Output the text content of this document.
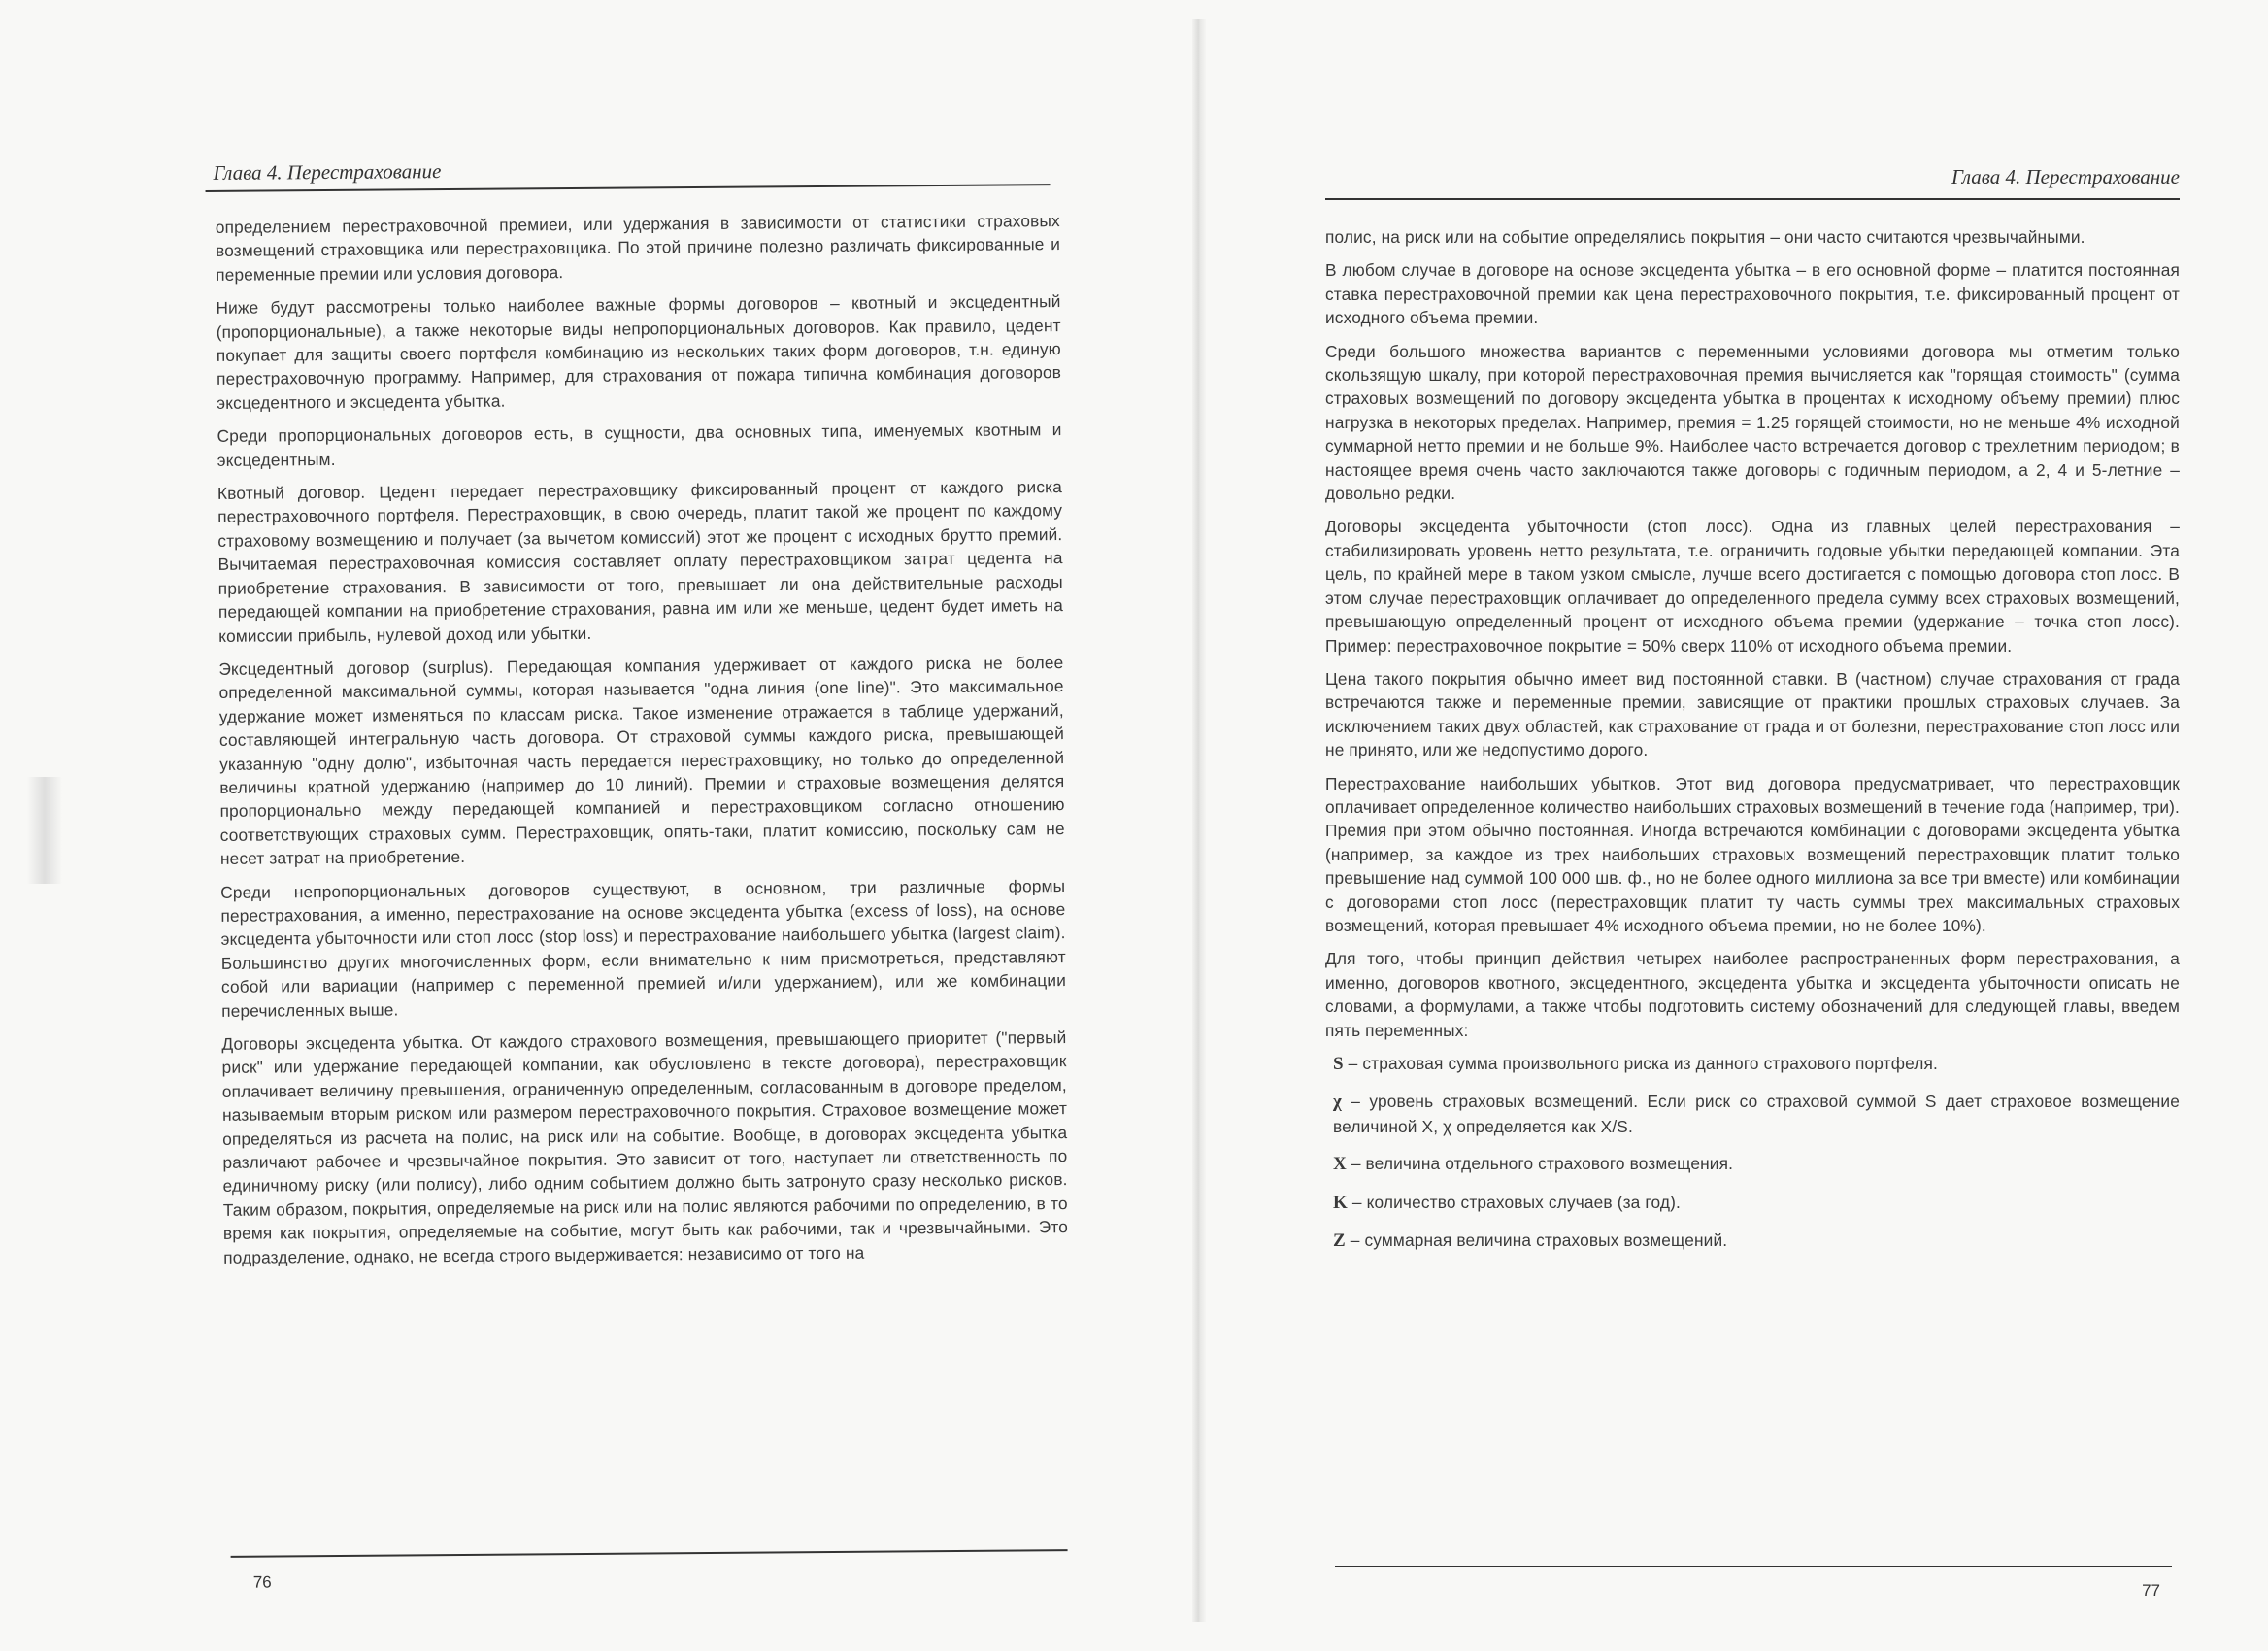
Глава 4. Перестрахование

определением перестраховочной премиеи, или удержания в зависимости от статистики страховых возмещений страховщика или перестраховщика. По этой причине полезно различать фиксированные и переменные премии или условия договора.

Ниже будут рассмотрены только наиболее важные формы договоров – квотный и эксцедентный (пропорциональные), а также некоторые виды непропорциональных договоров. Как правило, цедент покупает для защиты своего портфеля комбинацию из нескольких таких форм договоров, т.н. единую перестраховочную программу. Например, для страхования от пожара типична комбинация договоров эксцедентного и эксцедента убытка.

Среди пропорциональных договоров есть, в сущности, два основных типа, именуемых квотным и эксцедентным.

Квотный договор. Цедент передает перестраховщику фиксированный процент от каждого риска перестраховочного портфеля. Перестраховщик, в свою очередь, платит такой же процент по каждому страховому возмещению и получает (за вычетом комиссий) этот же процент с исходных брутто премий. Вычитаемая перестраховочная комиссия составляет оплату перестраховщиком затрат цедента на приобретение страхования. В зависимости от того, превышает ли она действительные расходы передающей компании на приобретение страхования, равна им или же меньше, цедент будет иметь на комиссии прибыль, нулевой доход или убытки.

Эксцедентный договор (surplus). Передающая компания удерживает от каждого риска не более определенной максимальной суммы, которая называется "одна линия (one line)". Это максимальное удержание может изменяться по классам риска. Такое изменение отражается в таблице удержаний, составляющей интегральную часть договора. От страховой суммы каждого риска, превышающей указанную "одну долю", избыточная часть передается перестраховщику, но только до определенной величины кратной удержанию (например до 10 линий). Премии и страховые возмещения делятся пропорционально между передающей компанией и перестраховщиком согласно отношению соответствующих страховых сумм. Перестраховщик, опять-таки, платит комиссию, поскольку сам не несет затрат на приобретение.

Среди непропорциональных договоров существуют, в основном, три различные формы перестрахования, а именно, перестрахование на основе эксцедента убытка (excess of loss), на основе эксцедента убыточности или стоп лосс (stop loss) и перестрахование наибольшего убытка (largest claim). Большинство других многочисленных форм, если внимательно к ним присмотреться, представляют собой или вариации (например с переменной премией и/или удержанием), или же комбинации перечисленных выше.

Договоры эксцедента убытка. От каждого страхового возмещения, превышающего приоритет ("первый риск" или удержание передающей компании, как обусловлено в тексте договора), перестраховщик оплачивает величину превышения, ограниченную определенным, согласованным в договоре пределом, называемым вторым риском или размером перестраховочного покрытия. Страховое возмещение может определяться из расчета на полис, на риск или на событие. Вообще, в договорах эксцедента убытка различают рабочее и чрезвычайное покрытия. Это зависит от того, наступает ли ответственность по единичному риску (или полису), либо одним событием должно быть затронуто сразу несколько рисков. Таким образом, покрытия, определяемые на риск или на полис являются рабочими по определению, в то время как покрытия, определяемые на событие, могут быть как рабочими, так и чрезвычайными. Это подразделение, однако, не всегда строго выдерживается: независимо от того на

76
Глава 4. Перестрахование

полис, на риск или на событие определялись покрытия – они часто считаются чрезвычайными.

В любом случае в договоре на основе эксцедента убытка – в его основной форме – платится постоянная ставка перестраховочной премии как цена перестраховочного покрытия, т.е. фиксированный процент от исходного объема премии.

Среди большого множества вариантов с переменными условиями договора мы отметим только скользящую шкалу, при которой перестраховочная премия вычисляется как "горящая стоимость" (сумма страховых возмещений по договору эксцедента убытка в процентах к исходному объему премии) плюс нагрузка в некоторых пределах. Например, премия = 1.25 горящей стоимости, но не меньше 4% исходной суммарной нетто премии и не больше 9%. Наиболее часто встречается договор с трехлетним периодом; в настоящее время очень часто заключаются также договоры с годичным периодом, а 2, 4 и 5-летние – довольно редки.

Договоры эксцедента убыточности (стоп лосс). Одна из главных целей перестрахования – стабилизировать уровень нетто результата, т.е. ограничить годовые убытки передающей компании. Эта цель, по крайней мере в таком узком смысле, лучше всего достигается с помощью договора стоп лосс. В этом случае перестраховщик оплачивает до определенного предела сумму всех страховых возмещений, превышающую определенный процент от исходного объема премии (удержание – точка стоп лосс). Пример: перестраховочное покрытие = 50% сверх 110% от исходного объема премии.

Цена такого покрытия обычно имеет вид постоянной ставки. В (частном) случае страхования от града встречаются также и переменные премии, зависящие от практики прошлых страховых случаев. За исключением таких двух областей, как страхование от града и от болезни, перестрахование стоп лосс или не принято, или же недопустимо дорого.

Перестрахование наибольших убытков. Этот вид договора предусматривает, что перестраховщик оплачивает определенное количество наибольших страховых возмещений в течение года (например, три). Премия при этом обычно постоянная. Иногда встречаются комбинации с договорами эксцедента убытка (например, за каждое из трех наибольших страховых возмещений перестраховщик платит только превышение над суммой 100 000 шв. ф., но не более одного миллиона за все три вместе) или комбинации с договорами стоп лосс (перестраховщик платит ту часть суммы трех максимальных страховых возмещений, которая превышает 4% исходного объема премии, но не более 10%).

Для того, чтобы принцип действия четырех наиболее распространенных форм перестрахования, а именно, договоров квотного, эксцедентного, эксцедента убытка и эксцедента убыточности описать не словами, а формулами, а также чтобы подготовить систему обозначений для следующей главы, введем пять переменных:

S – страховая сумма произвольного риска из данного страхового портфеля.
χ – уровень страховых возмещений. Если риск со страховой суммой S дает страховое возмещение величиной X, χ определяется как X/S.
X – величина отдельного страхового возмещения.
K – количество страховых случаев (за год).
Z – суммарная величина страховых возмещений.
77
